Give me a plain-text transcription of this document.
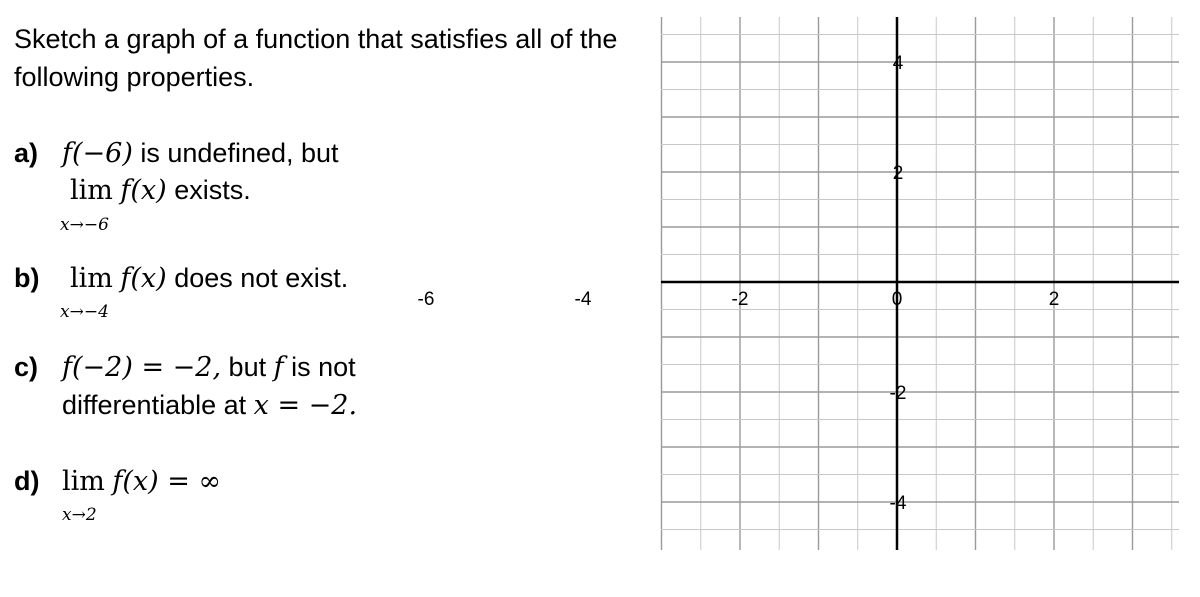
Sketch a graph of a function that satisfies all of the following properties.
a) f(−6) is undefined, but
lim f(x) exists.
x→−6
b) lim f(x) does not exist.
x→−4
c) f(−2) = −2, but f is not
differentiable at x = −2.
d) lim f(x) = ∞
x→2
-6	-4	-2	0	2
4
2
-2
-4
